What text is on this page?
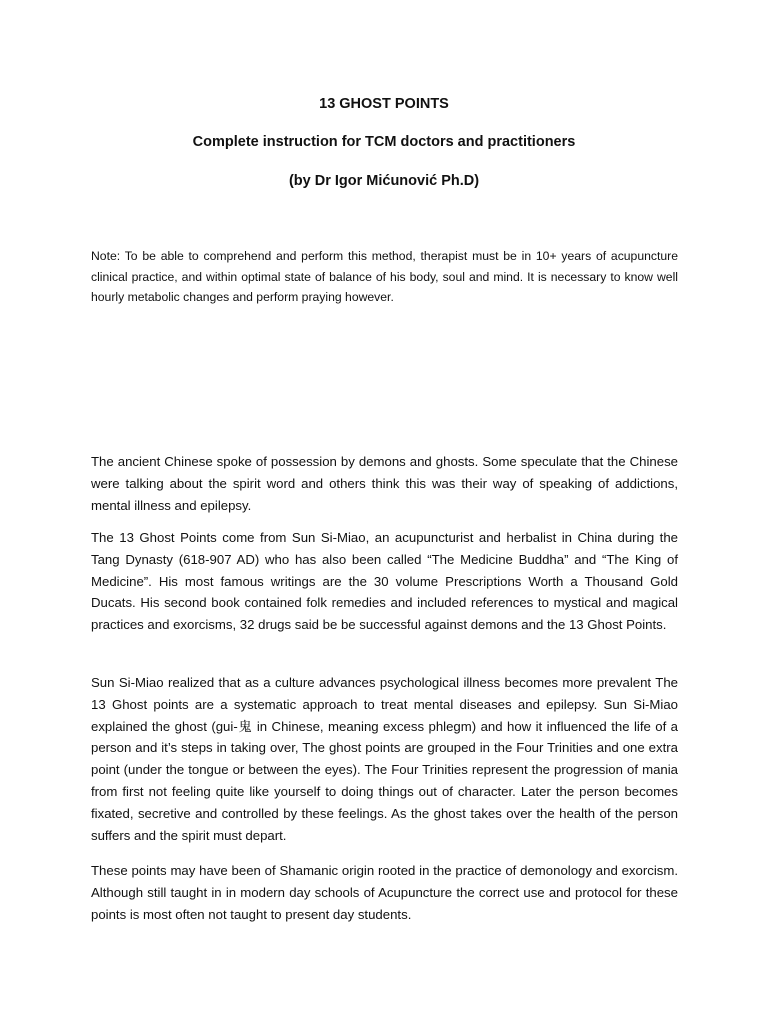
13 GHOST POINTS
Complete instruction for TCM doctors and practitioners
(by Dr Igor Mićunović Ph.D)

Note: To be able to comprehend and perform this method, therapist must be in 10+ years of acupuncture clinical practice, and within optimal state of balance of his body, soul and mind. It is necessary to know well hourly metabolic changes and perform praying however.

The ancient Chinese spoke of possession by demons and ghosts. Some speculate that the Chinese were talking about the spirit word and others think this was their way of speaking of addictions, mental illness and epilepsy.

The 13 Ghost Points come from Sun Si-Miao, an acupuncturist and herbalist in China during the Tang Dynasty (618-907 AD) who has also been called “The Medicine Buddha” and “The King of Medicine”. His most famous writings are the 30 volume Prescriptions Worth a Thousand Gold Ducats. His second book contained folk remedies and included references to mystical and magical practices and exorcisms, 32 drugs said be be successful against demons and the 13 Ghost Points.

Sun Si-Miao realized that as a culture advances psychological illness becomes more prevalent The 13 Ghost points are a systematic approach to treat mental diseases and epilepsy. Sun Si-Miao explained the ghost (gui-鬼 in Chinese, meaning excess phlegm) and how it influenced the life of a person and it’s steps in taking over, The ghost points are grouped in the Four Trinities and one extra point (under the tongue or between the eyes). The Four Trinities represent the progression of mania from first not feeling quite like yourself to doing things out of character. Later the person becomes fixated, secretive and controlled by these feelings. As the ghost takes over the health of the person suffers and the spirit must depart.

These points may have been of Shamanic origin rooted in the practice of demonology and exorcism. Although still taught in in modern day schools of Acupuncture the correct use and protocol for these points is most often not taught to present day students.
